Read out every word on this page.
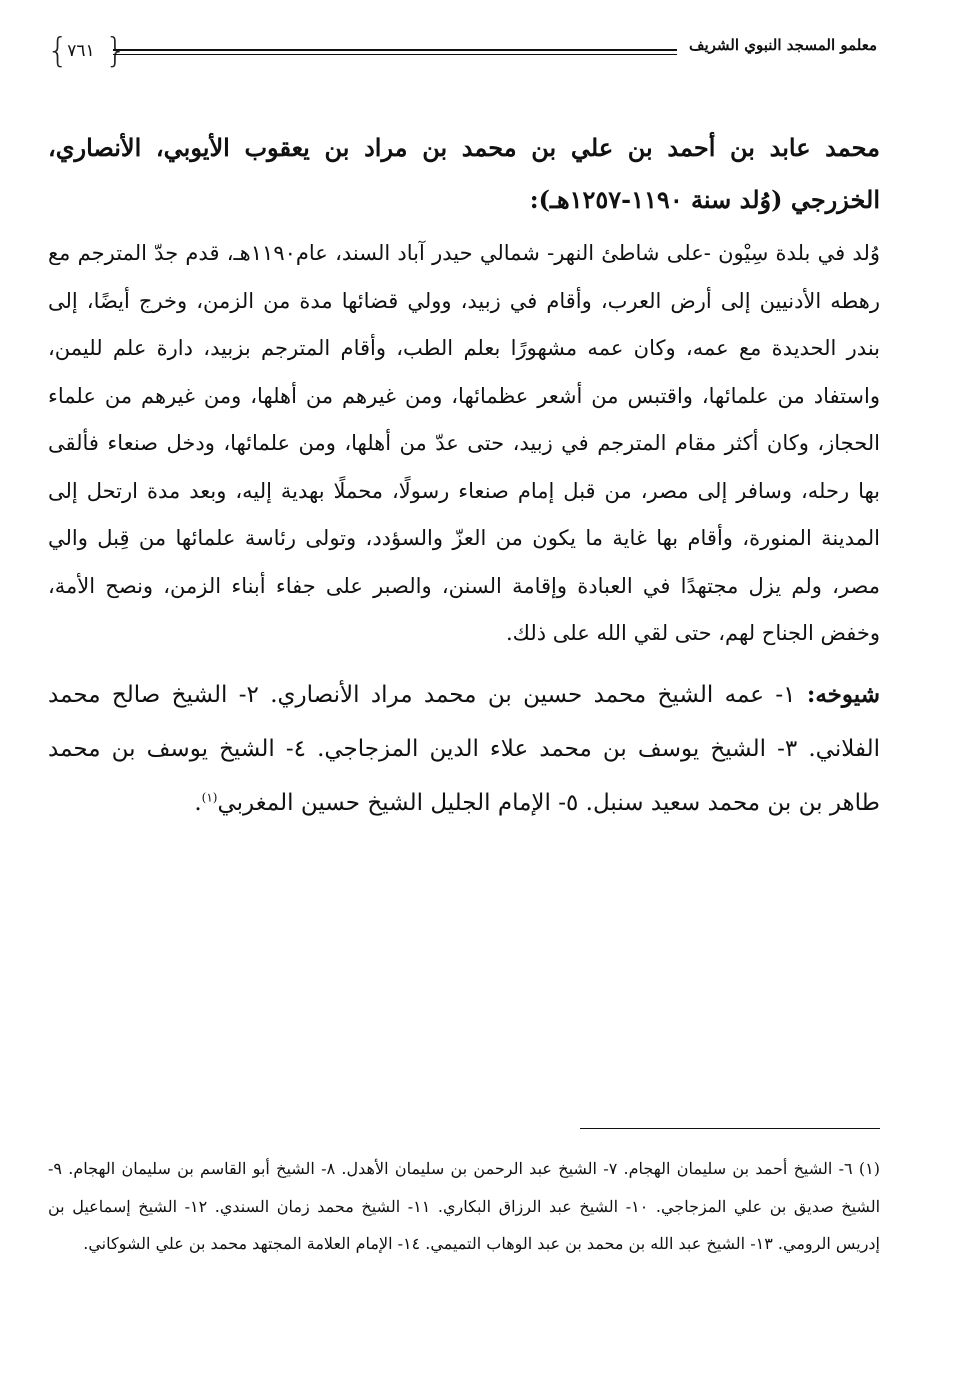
{
٧٦١ }	معلمو المسجد النبوي الشريف

محمد عابد بن أحمد بن علي بن محمد بن مراد بن يعقوب الأيوبي، الأنصاري، الخزرجي (وُلد سنة ١١٩٠-١٢٥٧هـ):

وُلد في بلدة سِيْون -على شاطئ النهر- شمالي حيدر آباد السند، عام١١٩٠هـ، قدم جدّ المترجم مع رهطه الأدنيين إلى أرض العرب، وأقام في زبيد، وولي قضائها مدة من الزمن، وخرج أيضًا، إلى بندر الحديدة مع عمه، وكان عمه مشهورًا بعلم الطب، وأقام المترجم بزبيد، دارة علم لليمن، واستفاد من علمائها، واقتبس من أشعر عظمائها، ومن غيرهم من أهلها، ومن غيرهم من علماء الحجاز، وكان أكثر مقام المترجم في زبيد، حتى عدّ من أهلها، ومن علمائها، ودخل صنعاء فألقى بها رحله، وسافر إلى مصر، من قبل إمام صنعاء رسولًا، محملًا بهدية إليه، وبعد مدة ارتحل إلى المدينة المنورة، وأقام بها غاية ما يكون من العزّ والسؤدد، وتولى رئاسة علمائها من قِبل والي مصر، ولم يزل مجتهدًا في العبادة وإقامة السنن، والصبر على جفاء أبناء الزمن، ونصح الأمة، وخفض الجناح لهم، حتى لقي الله على ذلك.

شيوخه: ١- عمه الشيخ محمد حسين بن محمد مراد الأنصاري. ٢- الشيخ صالح محمد الفلاني. ٣- الشيخ يوسف بن محمد علاء الدين المزجاجي. ٤- الشيخ يوسف بن محمد طاهر بن بن محمد سعيد سنبل. ٥- الإمام الجليل الشيخ حسين المغربي$^{(١)}$.

(١) ٦- الشيخ أحمد بن سليمان الهجام. ٧- الشيخ عبد الرحمن بن سليمان الأهدل. ٨- الشيخ أبو القاسم بن سليمان الهجام. ٩- الشيخ صديق بن علي المزجاجي. ١٠- الشيخ عبد الرزاق البكاري. ١١- الشيخ محمد زمان السندي. ١٢- الشيخ إسماعيل بن إدريس الرومي. ١٣- الشيخ عبد الله بن محمد بن عبد الوهاب التميمي. ١٤- الإمام العلامة المجتهد محمد بن علي الشوكاني.
